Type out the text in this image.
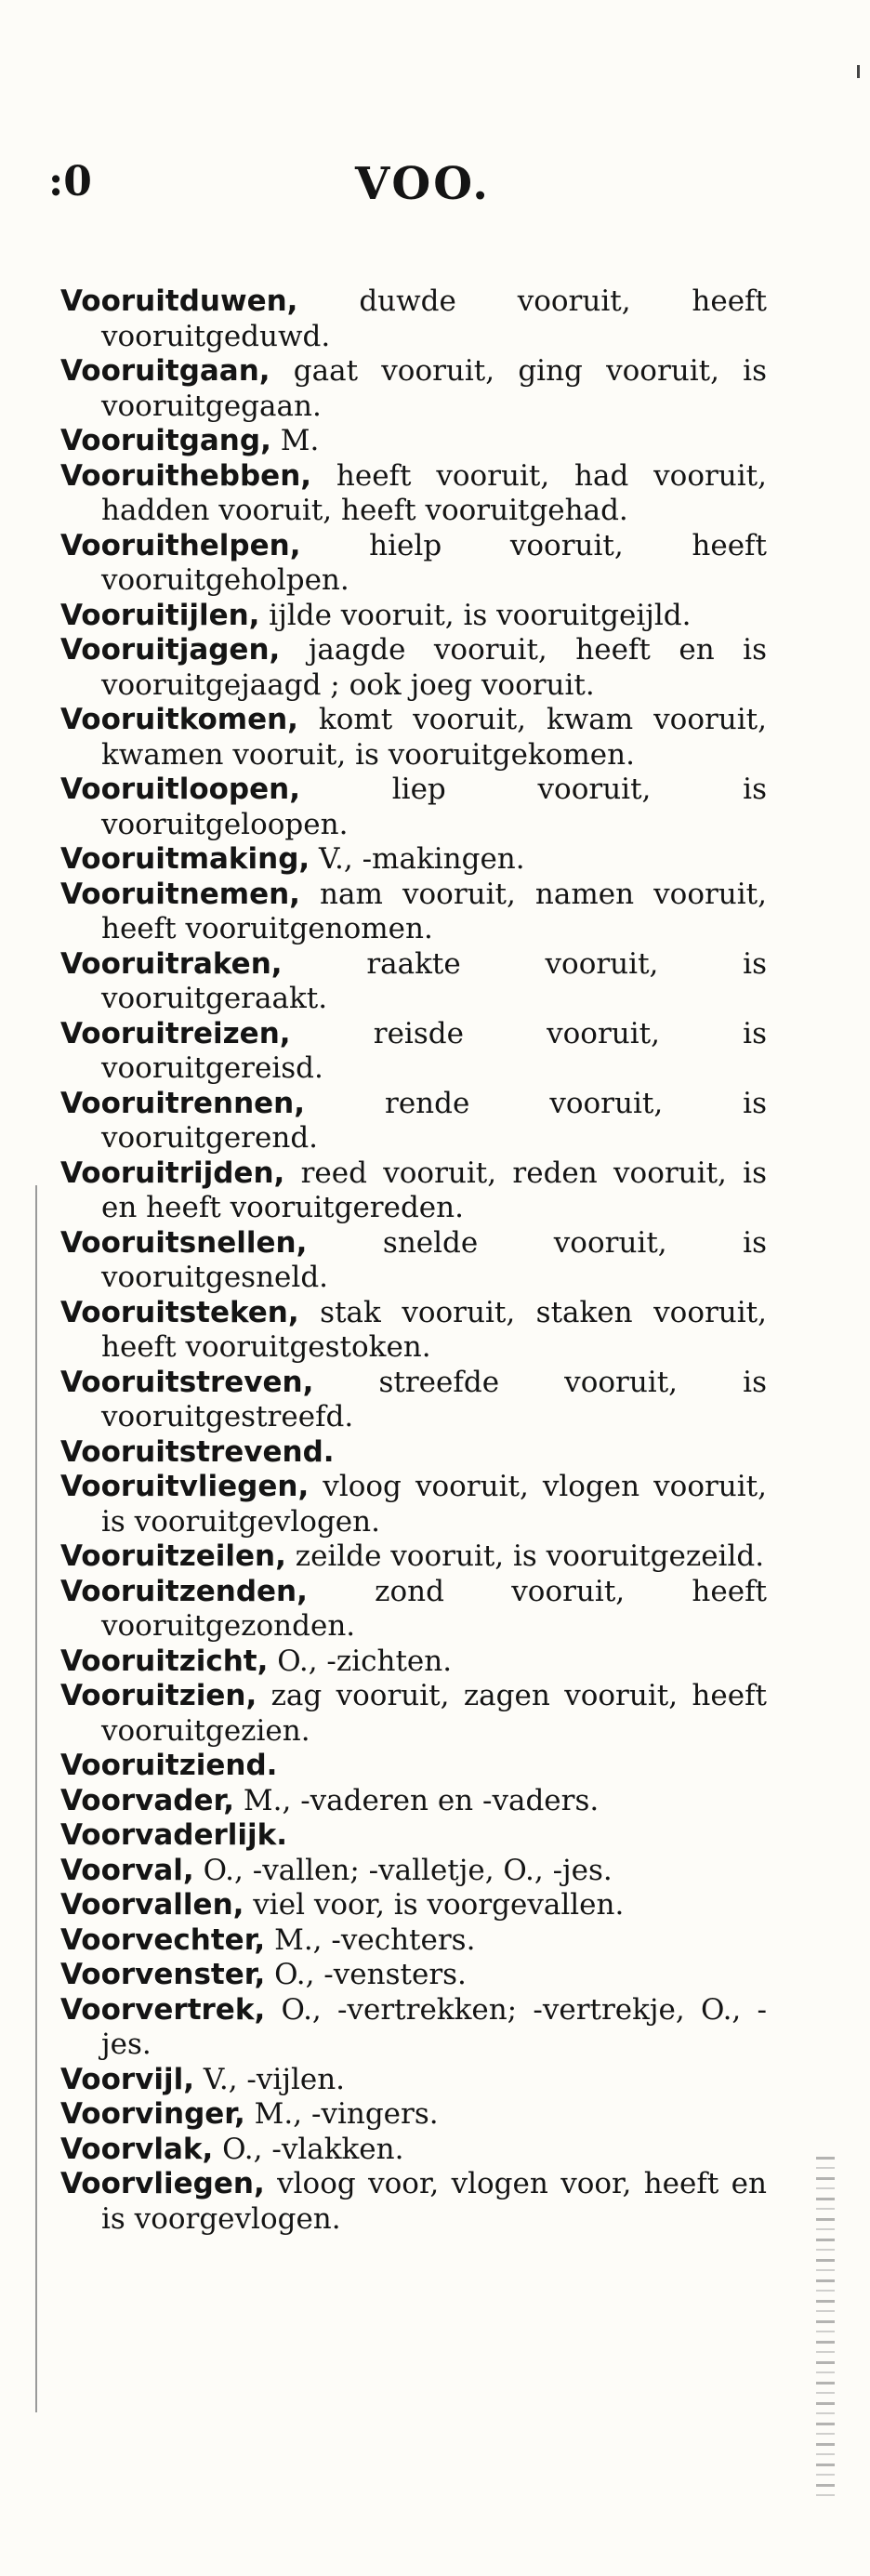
:0	VOO.
Vooruitduwen, duwde vooruit, heeft vooruitgeduwd.
Vooruitgaan, gaat vooruit, ging vooruit, is vooruitgegaan.
Vooruitgang, M.
Vooruithebben, heeft vooruit, had vooruit, hadden vooruit, heeft vooruitgehad.
Vooruithelpen, hielp vooruit, heeft vooruitgeholpen.
Vooruitijlen, ijlde vooruit, is vooruitgeijld.
Vooruitjagen, jaagde vooruit, heeft en is vooruitgejaagd ; ook joeg vooruit.
Vooruitkomen, komt vooruit, kwam vooruit, kwamen vooruit, is vooruitgekomen.
Vooruitloopen, liep vooruit, is vooruitgeloopen.
Vooruitmaking, V., -makingen.
Vooruitnemen, nam vooruit, namen vooruit, heeft vooruitgenomen.
Vooruitraken, raakte vooruit, is vooruitgeraakt.
Vooruitreizen, reisde vooruit, is vooruitgereisd.
Vooruitrennen, rende vooruit, is vooruitgerend.
Vooruitrijden, reed vooruit, reden vooruit, is en heeft vooruitgereden.
Vooruitsnellen, snelde vooruit, is vooruitgesneld.
Vooruitsteken, stak vooruit, staken vooruit, heeft vooruitgestoken.
Vooruitstreven, streefde vooruit, is vooruitgestreefd.
Vooruitstrevend.
Vooruitvliegen, vloog vooruit, vlogen vooruit, is vooruitgevlogen.
Vooruitzeilen, zeilde vooruit, is vooruitgezeild.
Vooruitzenden, zond vooruit, heeft vooruitgezonden.
Vooruitzicht, O., -zichten.
Vooruitzien, zag vooruit, zagen vooruit, heeft vooruitgezien.
Vooruitziend.
Voorvader, M., -vaderen en -vaders.
Voorvaderlijk.
Voorval, O., -vallen; -valletje, O., -jes.
Voorvallen, viel voor, is voorgevallen.
Voorvechter, M., -vechters.
Voorvenster, O., -vensters.
Voorvertrek, O., -vertrekken; -vertrekje, O., -jes.
Voorvijl, V., -vijlen.
Voorvinger, M., -vingers.
Voorvlak, O., -vlakken.
Voorvliegen, vloog voor, vlogen voor, heeft en is voorgevlogen.
